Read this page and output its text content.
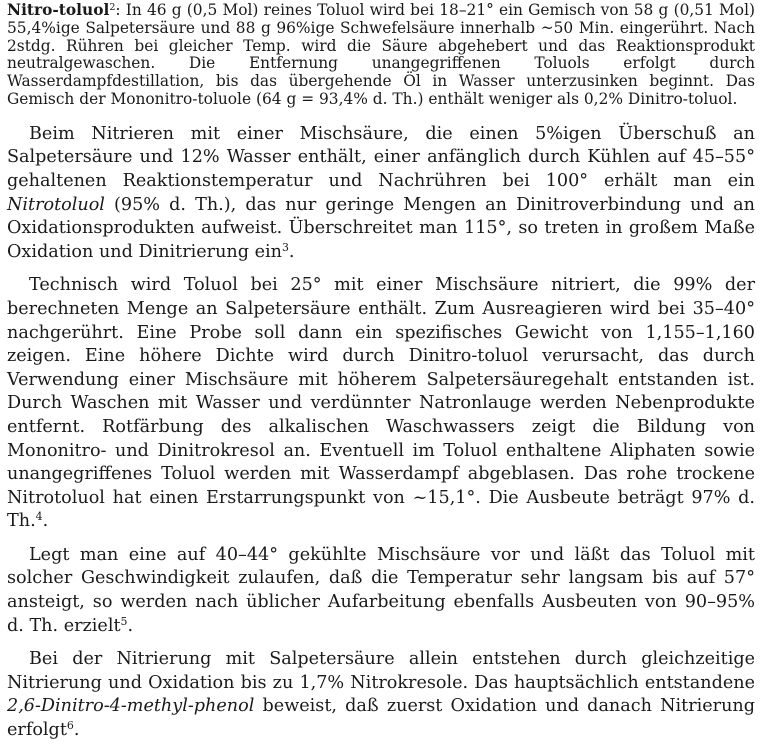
Nitro-toluol$^2$: In 46 g (0,5 Mol) reines Toluol wird bei 18–21° ein Gemisch von 58 g (0,51 Mol) 55,4%ige Salpetersäure und 88 g 96%ige Schwefelsäure innerhalb ~50 Min. eingerührt. Nach 2stdg. Rühren bei gleicher Temp. wird die Säure abgehebert und das Reaktionsprodukt neutralgewaschen. Die Entfernung unangegriffenen Toluols erfolgt durch Wasserdampfdestillation, bis das übergehende Öl in Wasser unterzusinken beginnt. Das Gemisch der Mononitro-toluole (64 g = 93,4% d. Th.) enthält weniger als 0,2% Dinitro-toluol.

Beim Nitrieren mit einer Mischsäure, die einen 5%igen Überschuß an Salpetersäure und 12% Wasser enthält, einer anfänglich durch Kühlen auf 45–55° gehaltenen Reaktionstemperatur und Nachrühren bei 100° erhält man ein Nitrotoluol (95% d. Th.), das nur geringe Mengen an Dinitroverbindung und an Oxidationsprodukten aufweist. Überschreitet man 115°, so treten in großem Maße Oxidation und Dinitrierung ein$^3$.

Technisch wird Toluol bei 25° mit einer Mischsäure nitriert, die 99% der berechneten Menge an Salpetersäure enthält. Zum Ausreagieren wird bei 35–40° nachgerührt. Eine Probe soll dann ein spezifisches Gewicht von 1,155–1,160 zeigen. Eine höhere Dichte wird durch Dinitro-toluol verursacht, das durch Verwendung einer Mischsäure mit höherem Salpetersäuregehalt entstanden ist. Durch Waschen mit Wasser und verdünnter Natronlauge werden Nebenprodukte entfernt. Rotfärbung des alkalischen Waschwassers zeigt die Bildung von Mononitro- und Dinitrokresol an. Eventuell im Toluol enthaltene Aliphaten sowie unangegriffenes Toluol werden mit Wasserdampf abgeblasen. Das rohe trockene Nitrotoluol hat einen Erstarrungspunkt von ~15,1°. Die Ausbeute beträgt 97% d. Th.$^4$.

Legt man eine auf 40–44° gekühlte Mischsäure vor und läßt das Toluol mit solcher Geschwindigkeit zulaufen, daß die Temperatur sehr langsam bis auf 57° ansteigt, so werden nach üblicher Aufarbeitung ebenfalls Ausbeuten von 90–95% d. Th. erzielt$^5$.

Bei der Nitrierung mit Salpetersäure allein entstehen durch gleichzeitige Nitrierung und Oxidation bis zu 1,7% Nitrokresole. Das hauptsächlich entstandene 2,6-Dinitro-4-methyl-phenol beweist, daß zuerst Oxidation und danach Nitrierung erfolgt$^6$.
